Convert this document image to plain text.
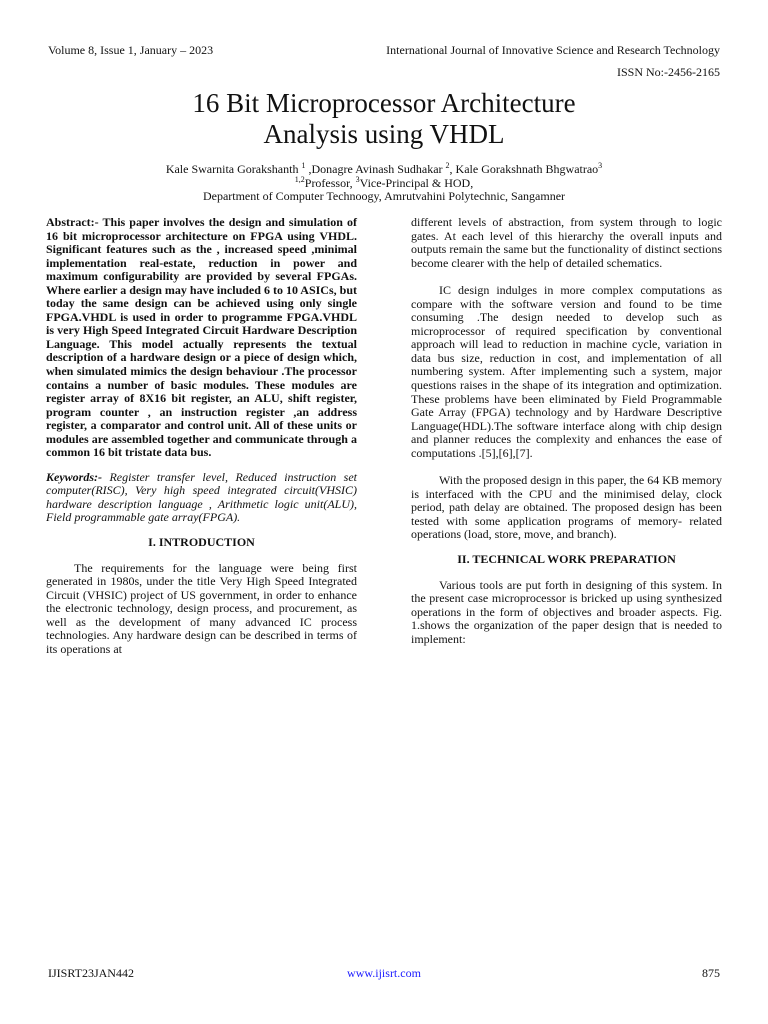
Volume 8, Issue 1, January – 2023	International Journal of Innovative Science and Research Technology
ISSN No:-2456-2165
16 Bit Microprocessor Architecture
Analysis using VHDL
Kale Swarnita Gorakshanth $^1$ ,Donagre Avinash Sudhakar $^2$, Kale Gorakshnath Bhgwatrao$^3$
$^{1,2}$Professor, $^3$Vice-Principal & HOD,
Department of Computer Technoogy, Amrutvahini Polytechnic, Sangamner

Abstract:- This paper involves the design and simulation of 16 bit microprocessor architecture on FPGA using VHDL. Significant features such as the , increased speed ,minimal implementation real-estate, reduction in power and maximum configurability are provided by several FPGAs. Where earlier a design may have included 6 to 10 ASICs, but today the same design can be achieved using only single FPGA.VHDL is used in order to programme FPGA.VHDL is very High Speed Integrated Circuit Hardware Description Language. This model actually represents the textual description of a hardware design or a piece of design which, when simulated mimics the design behaviour .The processor contains a number of basic modules. These modules are register array of 8X16 bit register, an ALU, shift register, program counter , an instruction register ,an address register, a comparator and control unit. All of these units or modules are assembled together and communicate through a common 16 bit tristate data bus.

Keywords:- Register transfer level, Reduced instruction set computer(RISC), Very high speed integrated circuit(VHSIC) hardware description language , Arithmetic logic unit(ALU), Field programmable gate array(FPGA).

I. INTRODUCTION

The requirements for the language were being first generated in 1980s, under the title Very High Speed Integrated Circuit (VHSIC) project of US government, in order to enhance the electronic technology, design process, and procurement, as well as the development of many advanced IC process technologies. Any hardware design can be described in terms of its operations at

different levels of abstraction, from system through to logic gates. At each level of this hierarchy the overall inputs and outputs remain the same but the functionality of distinct sections become clearer with the help of detailed schematics.

IC design indulges in more complex computations as compare with the software version and found to be time consuming .The design needed to develop such as microprocessor of required specification by conventional approach will lead to reduction in machine cycle, variation in data bus size, reduction in cost, and implementation of all numbering system. After implementing such a system, major questions raises in the shape of its integration and optimization. These problems have been eliminated by Field Programmable Gate Array (FPGA) technology and by Hardware Descriptive Language(HDL).The software interface along with chip design and planner reduces the complexity and enhances the ease of computations .[5],[6],[7].

With the proposed design in this paper, the 64 KB memory is interfaced with the CPU and the minimised delay, clock period, path delay are obtained. The proposed design has been tested with some application programs of memory- related operations (load, store, move, and branch).

II. TECHNICAL WORK PREPARATION

Various tools are put forth in designing of this system. In the present case microprocessor is bricked up using synthesized operations in the form of objectives and broader aspects. Fig. 1.shows the organization of the paper design that is needed to implement:

IJISRT23JAN442	www.ijisrt.com	875
